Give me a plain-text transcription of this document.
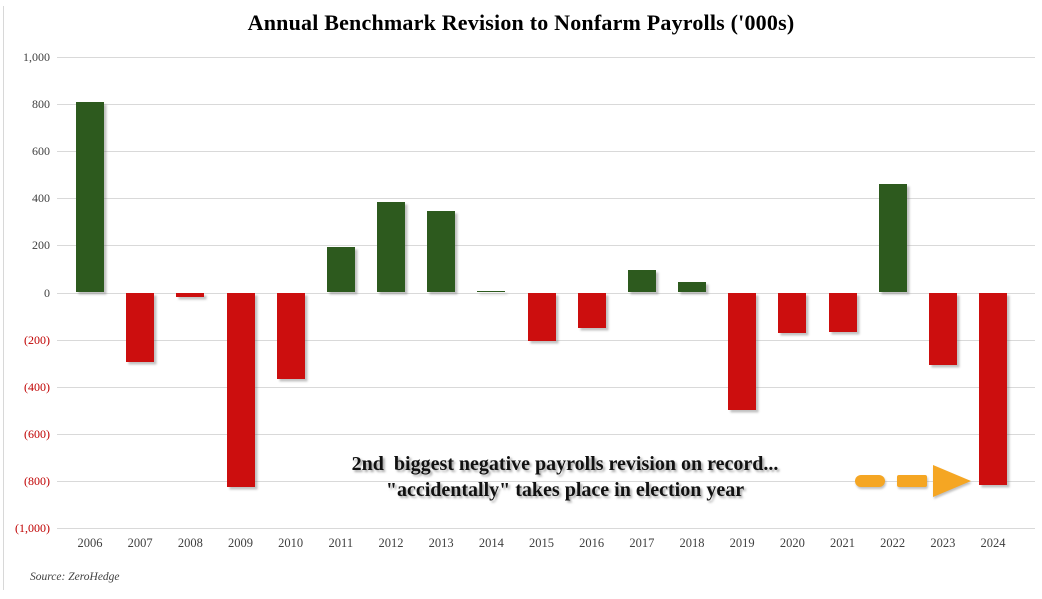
Annual Benchmark Revision to Nonfarm Payrolls ('000s)
1,000
800
600
400
200
0
(200)
(400)
(600)
(800)
(1,000)
2006	2007	2008	2009	2010	2011	2012	2013	2014	2015	2016	2017	2018	2019	2020	2021	2022	2023	2024
2nd  biggest negative payrolls revision on record...
"accidentally" takes place in election year
Source: ZeroHedge
